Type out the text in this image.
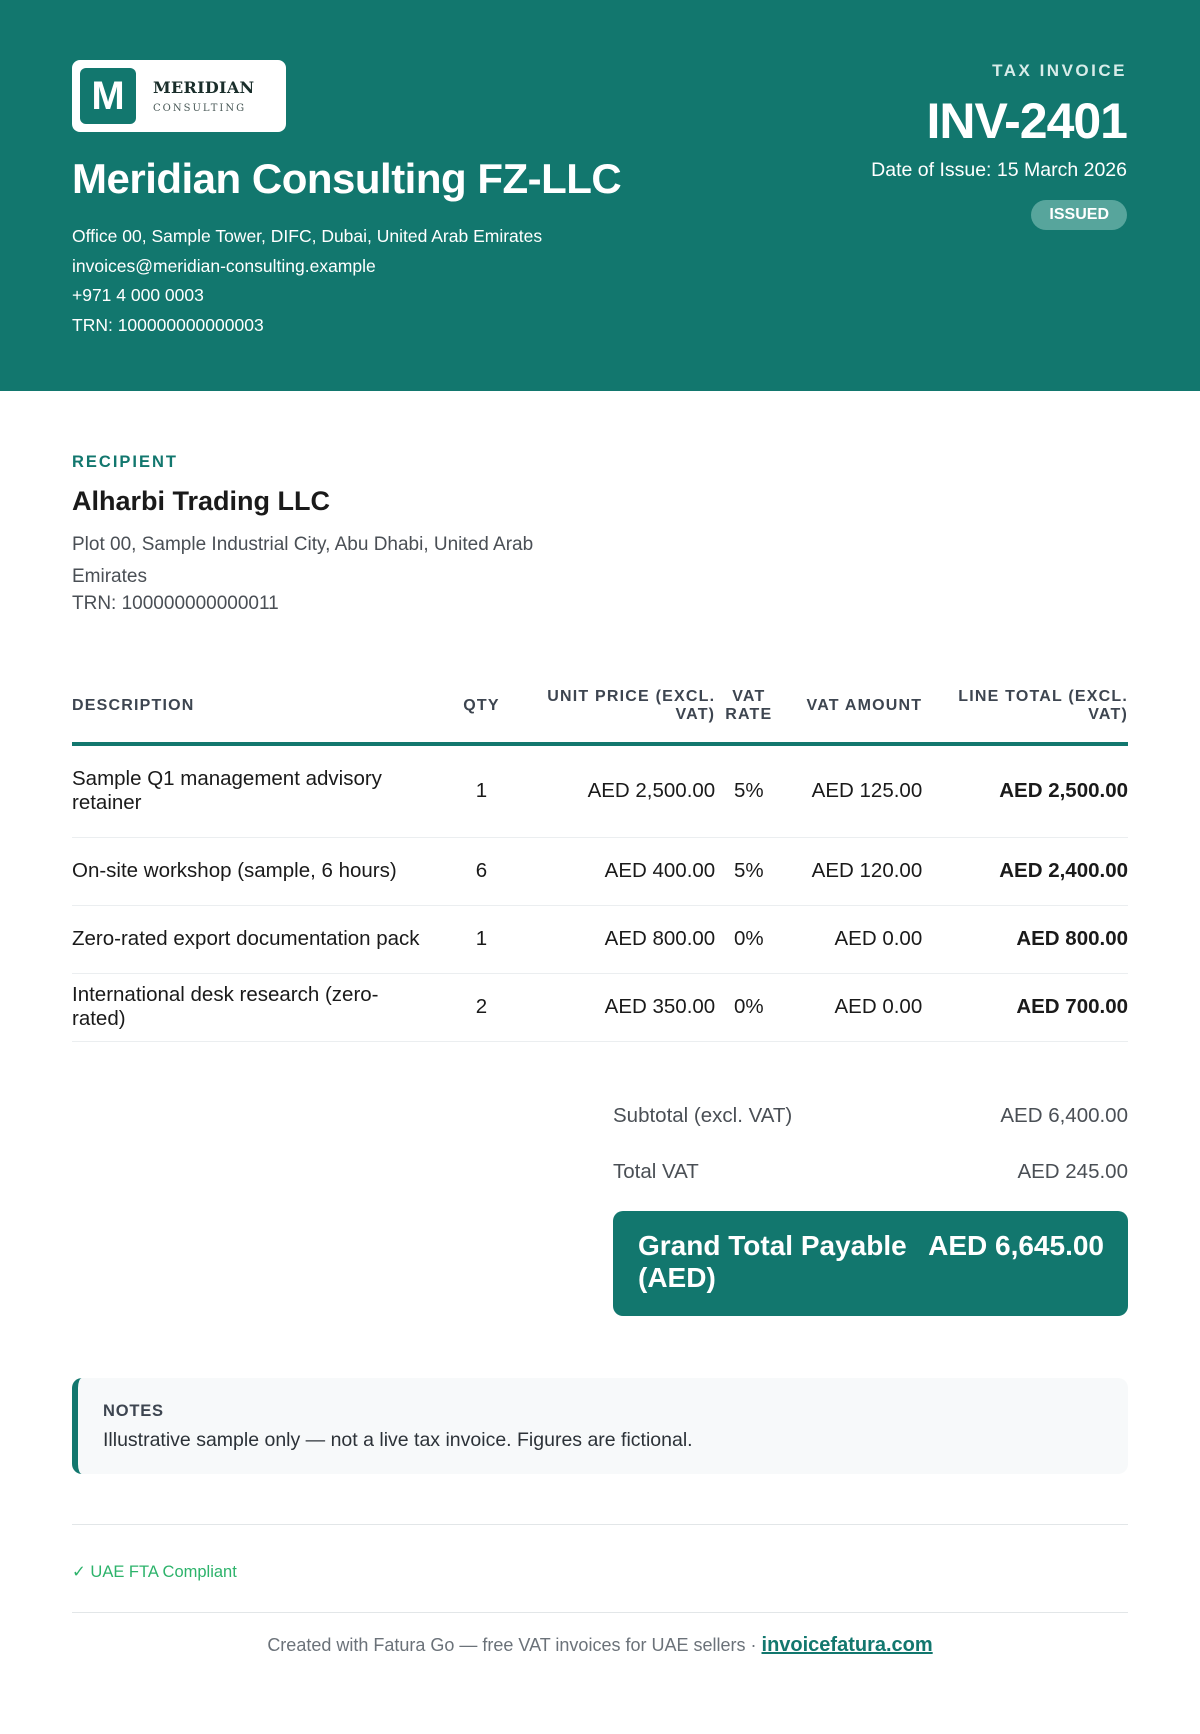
M	MERIDIAN
CONSULTING
Meridian Consulting FZ-LLC
Office 00, Sample Tower, DIFC, Dubai, United Arab Emirates
invoices@meridian-consulting.example
+971 4 000 0003
TRN: 100000000000003
TAX INVOICE
INV-2401
Date of Issue: 15 March 2026
ISSUED
RECIPIENT
Alharbi Trading LLC
Plot 00, Sample Industrial City, Abu Dhabi, United Arab Emirates
TRN: 100000000000011
DESCRIPTION	QTY	UNIT PRICE (EXCL. VAT)	VAT RATE	VAT AMOUNT	LINE TOTAL (EXCL. VAT)
Sample Q1 management advisory retainer	1	AED 2,500.00	5%	AED 125.00	AED 2,500.00
On-site workshop (sample, 6 hours)	6	AED 400.00	5%	AED 120.00	AED 2,400.00
Zero-rated export documentation pack	1	AED 800.00	0%	AED 0.00	AED 800.00
International desk research (zero-rated)	2	AED 350.00	0%	AED 0.00	AED 700.00
Subtotal (excl. VAT)	AED 6,400.00
Total VAT	AED 245.00
Grand Total Payable (AED)
AED 6,645.00
NOTES
Illustrative sample only — not a live tax invoice. Figures are fictional.
✓ UAE FTA Compliant
Created with Fatura Go — free VAT invoices for UAE sellers · invoicefatura.com
